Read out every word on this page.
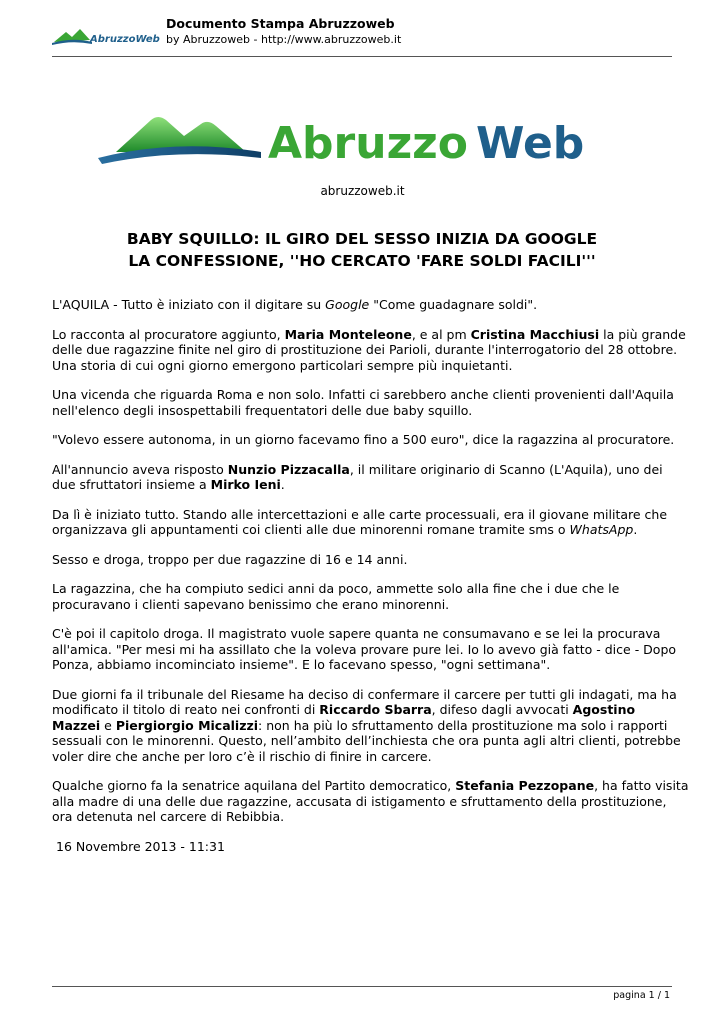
AbruzzoWeb
Documento Stampa Abruzzoweb
by Abruzzoweb - http://www.abruzzoweb.it
Abruzzo Web
abruzzoweb.it
BABY SQUILLO: IL GIRO DEL SESSO INIZIA DA GOOGLE
LA CONFESSIONE, ''HO CERCATO 'FARE SOLDI FACILI'''

L'AQUILA - Tutto è iniziato con il digitare su Google "Come guadagnare soldi".

Lo racconta al procuratore aggiunto, Maria Monteleone, e al pm Cristina Macchiusi la più grande
delle due ragazzine finite nel giro di prostituzione dei Parioli, durante l'interrogatorio del 28 ottobre.
Una storia di cui ogni giorno emergono particolari sempre più inquietanti.

Una vicenda che riguarda Roma e non solo. Infatti ci sarebbero anche clienti provenienti dall'Aquila
nell'elenco degli insospettabili frequentatori delle due baby squillo.

"Volevo essere autonoma, in un giorno facevamo fino a 500 euro", dice la ragazzina al procuratore.

All'annuncio aveva risposto Nunzio Pizzacalla, il militare originario di Scanno (L'Aquila), uno dei
due sfruttatori insieme a Mirko Ieni.

Da lì è iniziato tutto. Stando alle intercettazioni e alle carte processuali, era il giovane militare che
organizzava gli appuntamenti coi clienti alle due minorenni romane tramite sms o WhatsApp.

Sesso e droga, troppo per due ragazzine di 16 e 14 anni.

La ragazzina, che ha compiuto sedici anni da poco, ammette solo alla fine che i due che le
procuravano i clienti sapevano benissimo che erano minorenni.

C'è poi il capitolo droga. Il magistrato vuole sapere quanta ne consumavano e se lei la procurava
all'amica. "Per mesi mi ha assillato che la voleva provare pure lei. Io lo avevo già fatto - dice - Dopo
Ponza, abbiamo incominciato insieme". E lo facevano spesso, "ogni settimana".

Due giorni fa il tribunale del Riesame ha deciso di confermare il carcere per tutti gli indagati, ma ha
modificato il titolo di reato nei confronti di Riccardo Sbarra, difeso dagli avvocati Agostino
Mazzei e Piergiorgio Micalizzi: non ha più lo sfruttamento della prostituzione ma solo i rapporti
sessuali con le minorenni. Questo, nell’ambito dell’inchiesta che ora punta agli altri clienti, potrebbe
voler dire che anche per loro c’è il rischio di finire in carcere.

Qualche giorno fa la senatrice aquilana del Partito democratico, Stefania Pezzopane, ha fatto visita
alla madre di una delle due ragazzine, accusata di istigamento e sfruttamento della prostituzione,
ora detenuta nel carcere di Rebibbia.

16 Novembre 2013 - 11:31

pagina 1 / 1
